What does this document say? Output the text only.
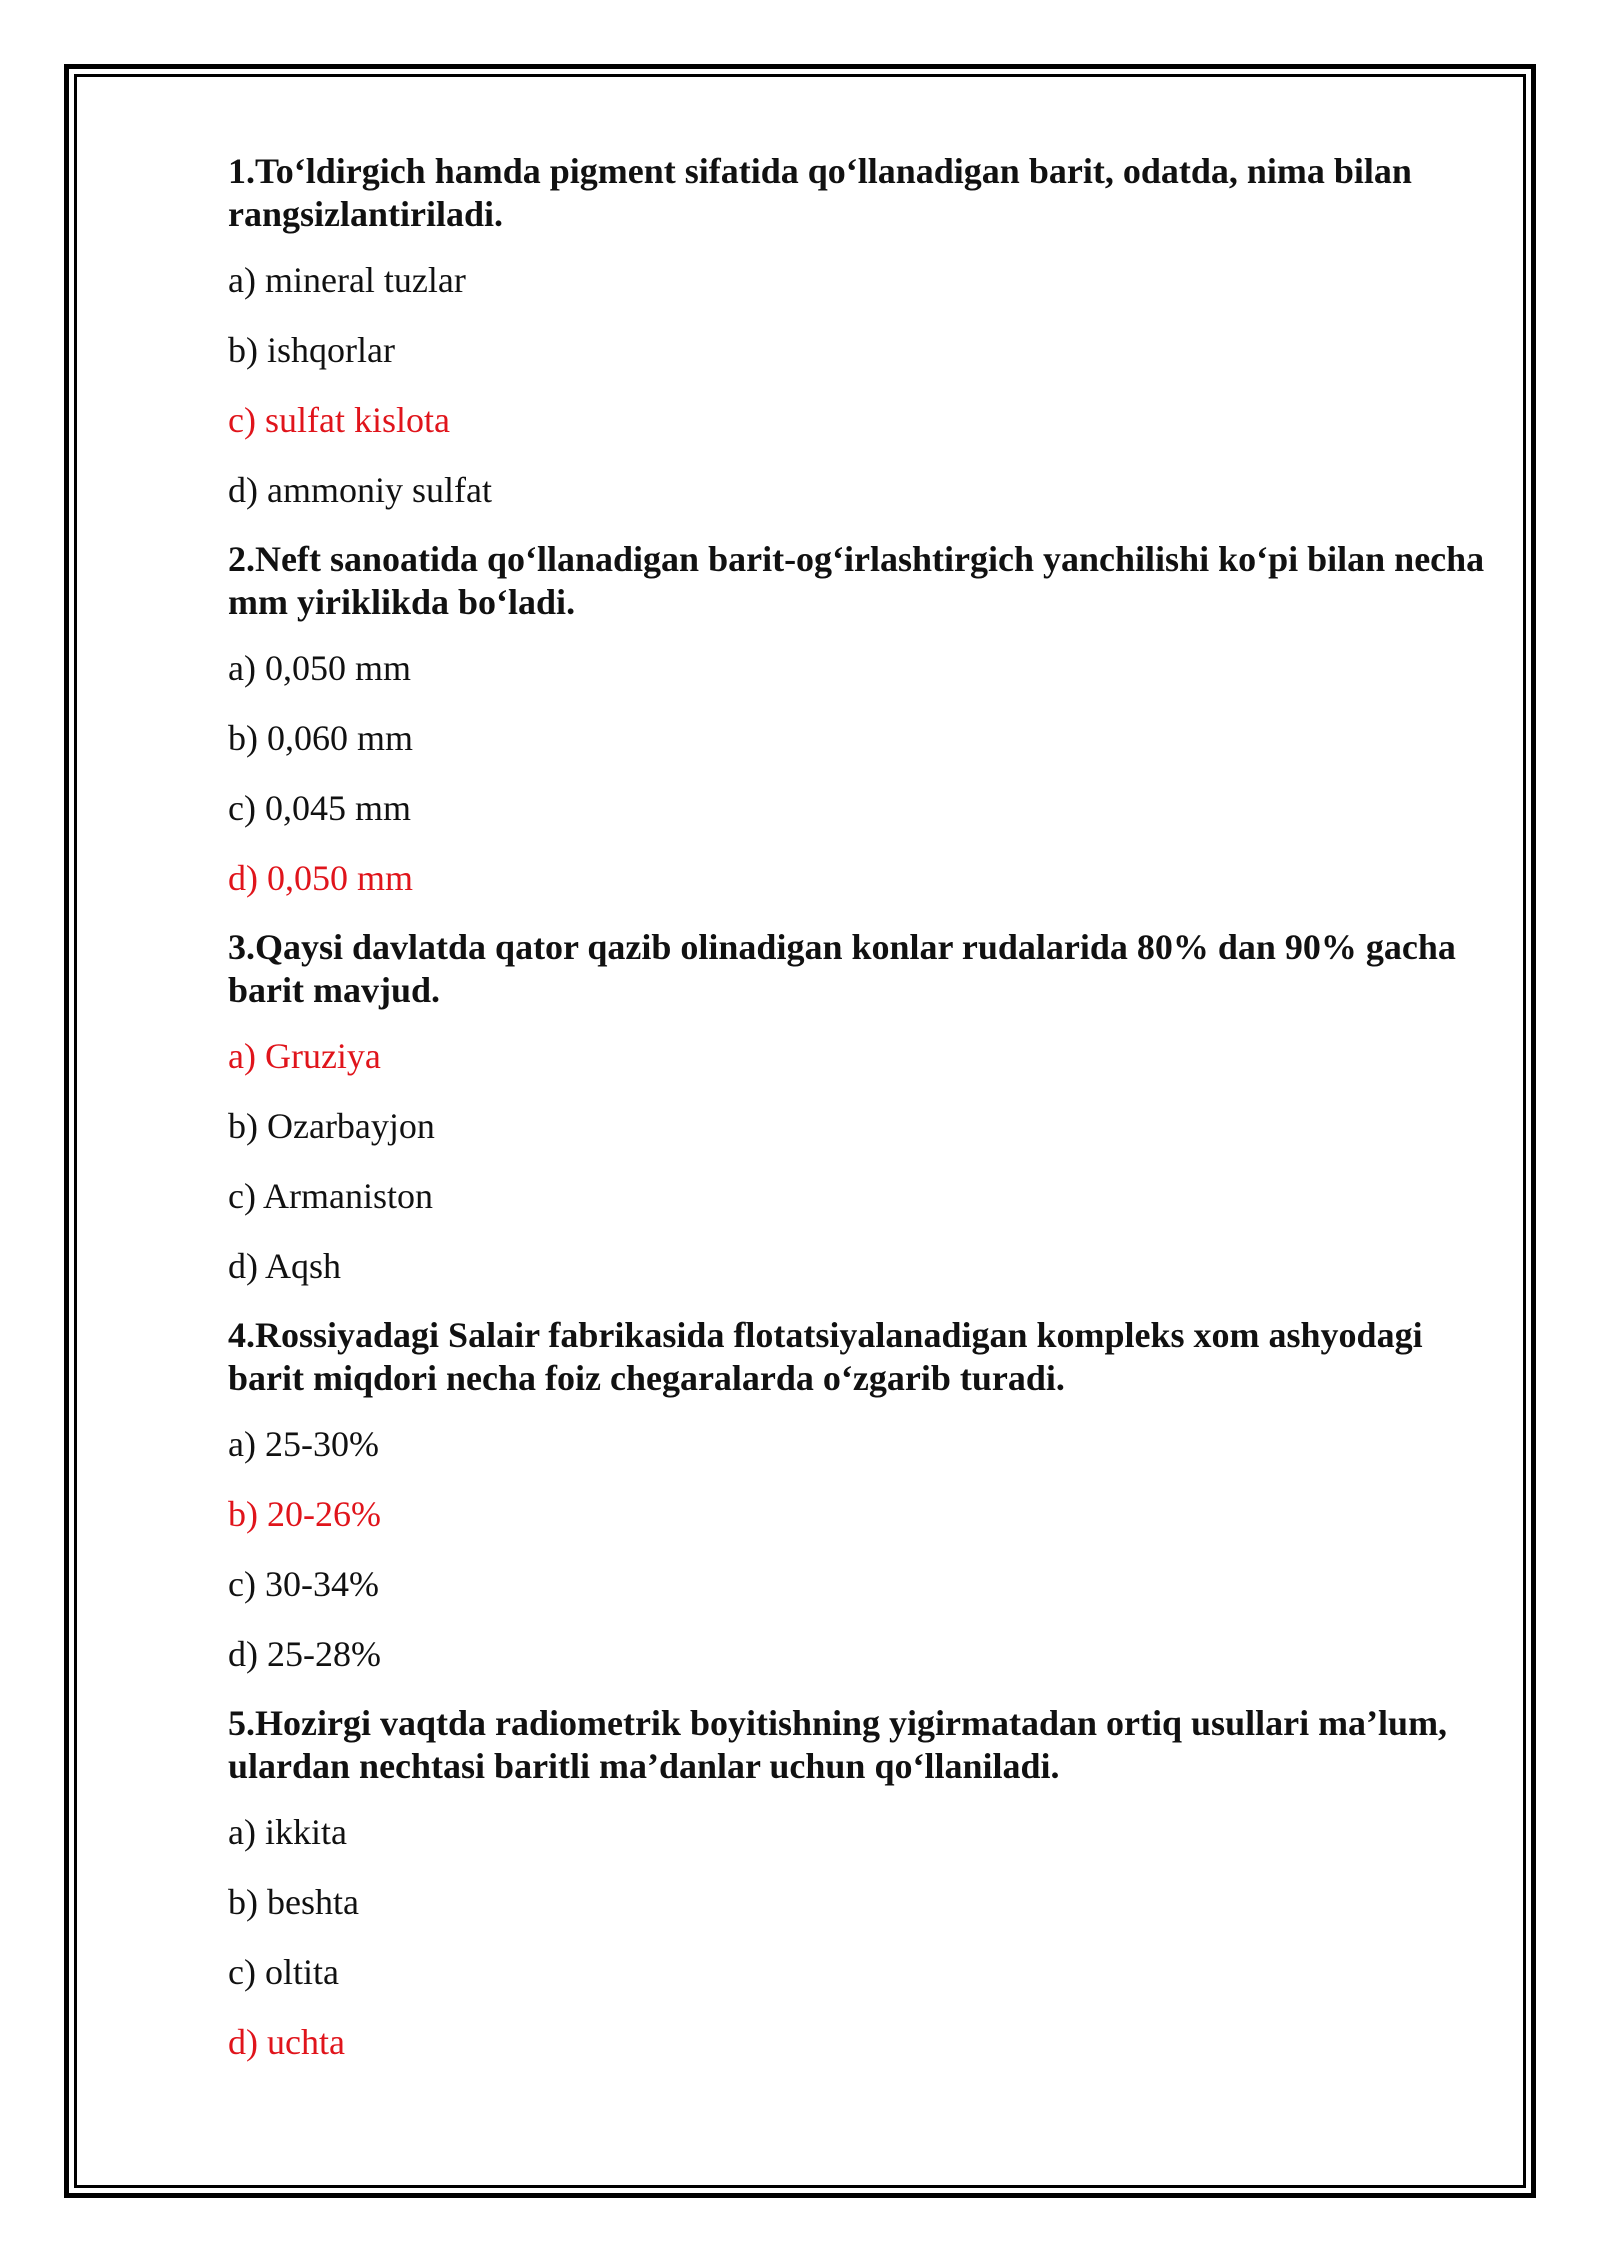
1.To‘ldirgich hamda pigment sifatida qo‘llanadigan barit, odatda, nima bilan rangsizlantiriladi.

a) mineral tuzlar

b) ishqorlar

c) sulfat kislota

d) ammoniy sulfat

2.Neft sanoatida qo‘llanadigan barit-og‘irlashtirgich yanchilishi ko‘pi bilan necha mm yiriklikda bo‘ladi.

a) 0,050 mm

b) 0,060 mm

c) 0,045 mm

d) 0,050 mm

3.Qaysi davlatda qator qazib olinadigan konlar rudalarida 80% dan 90% gacha barit mavjud.

a) Gruziya

b) Ozarbayjon

c) Armaniston

d) Aqsh

4.Rossiyadagi Salair fabrikasida flotatsiyalanadigan kompleks xom ashyodagi barit miqdori necha foiz chegaralarda o‘zgarib turadi.

a) 25-30%

b) 20-26%

c) 30-34%

d) 25-28%

5.Hozirgi vaqtda radiometrik boyitishning yigirmatadan ortiq usullari ma’lum, ulardan nechtasi baritli ma’danlar uchun qo‘llaniladi.

a) ikkita

b) beshta

c) oltita

d) uchta
